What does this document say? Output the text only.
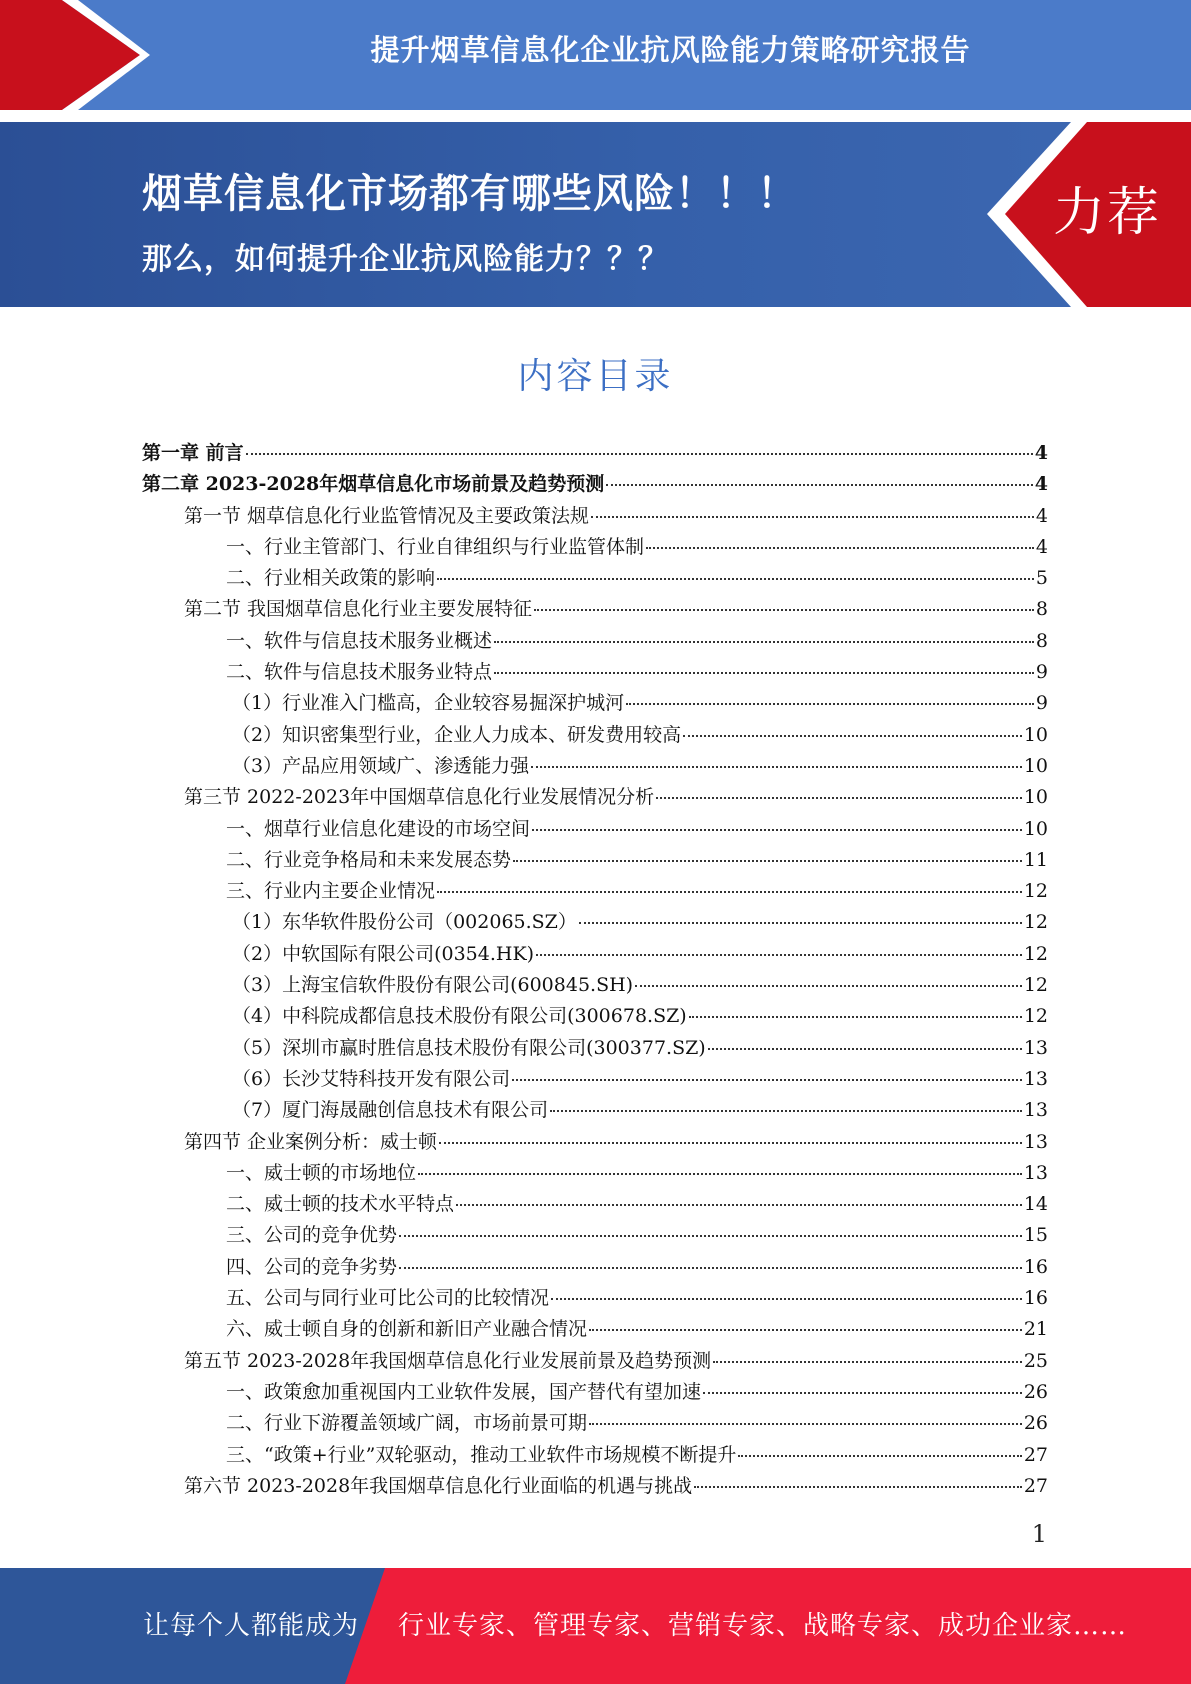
提升烟草信息化企业抗风险能力策略研究报告
烟草信息化市场都有哪些风险！！！
那么，如何提升企业抗风险能力？？？
力荐
内容目录
第一章 前言	4
第二章 2023-2028年烟草信息化市场前景及趋势预测	4
第一节 烟草信息化行业监管情况及主要政策法规	4
一、行业主管部门、行业自律组织与行业监管体制	4
二、行业相关政策的影响	5
第二节 我国烟草信息化行业主要发展特征	8
一、软件与信息技术服务业概述	8
二、软件与信息技术服务业特点	9
（1）行业准入门槛高，企业较容易掘深护城河	9
（2）知识密集型行业，企业人力成本、研发费用较高	10
（3）产品应用领域广、渗透能力强	10
第三节 2022-2023年中国烟草信息化行业发展情况分析	10
一、烟草行业信息化建设的市场空间	10
二、行业竞争格局和未来发展态势	11
三、行业内主要企业情况	12
（1）东华软件股份公司（002065.SZ）	12
（2）中软国际有限公司(0354.HK)	12
（3）上海宝信软件股份有限公司(600845.SH)	12
（4）中科院成都信息技术股份有限公司(300678.SZ)	12
（5）深圳市赢时胜信息技术股份有限公司(300377.SZ)	13
（6）长沙艾特科技开发有限公司	13
（7）厦门海晟融创信息技术有限公司	13
第四节 企业案例分析：威士顿	13
一、威士顿的市场地位	13
二、威士顿的技术水平特点	14
三、公司的竞争优势	15
四、公司的竞争劣势	16
五、公司与同行业可比公司的比较情况	16
六、威士顿自身的创新和新旧产业融合情况	21
第五节 2023-2028年我国烟草信息化行业发展前景及趋势预测	25
一、政策愈加重视国内工业软件发展，国产替代有望加速	26
二、行业下游覆盖领域广阔，市场前景可期	26
三、“政策+行业”双轮驱动，推动工业软件市场规模不断提升	27
第六节 2023-2028年我国烟草信息化行业面临的机遇与挑战	27
1
让每个人都能成为 行业专家、管理专家、营销专家、战略专家、成功企业家……
